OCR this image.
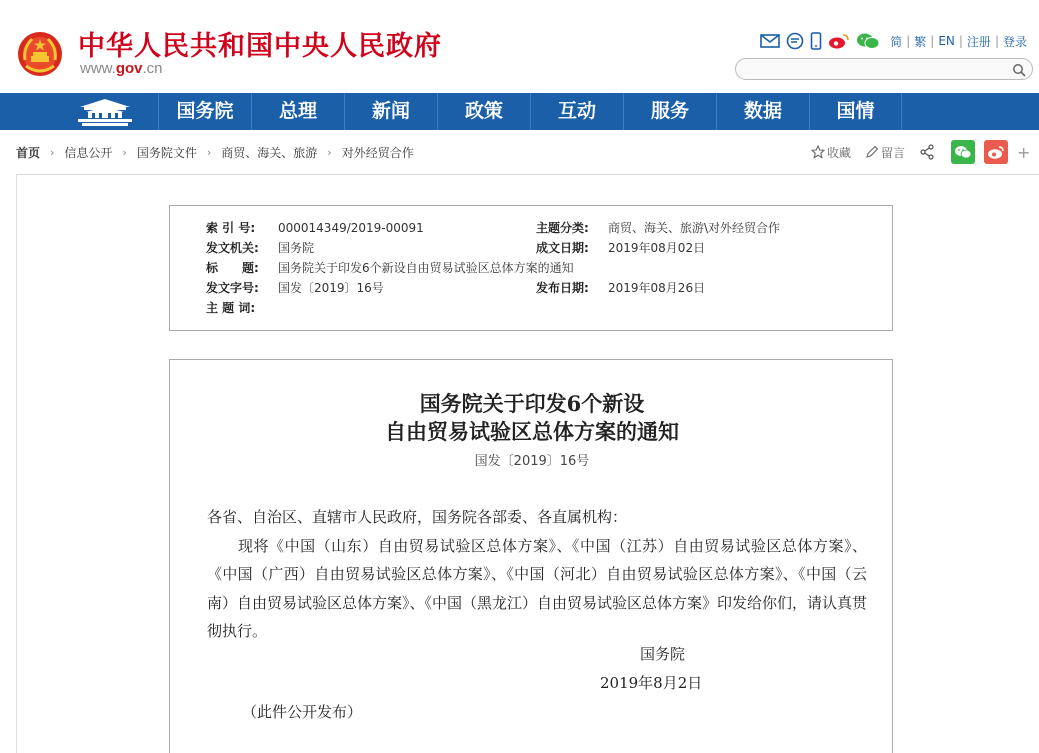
中华人民共和国中央人民政府
www.gov.cn
简 | 繁 | EN | 注册 | 登录
国务院	总理	新闻	政策	互动	服务	数据	国情
首页 › 信息公开 › 国务院文件 › 商贸、海关、旅游 › 对外经贸合作	收藏	留言	+
索 引 号: 000014349/2019-00091	主题分类: 商贸、海关、旅游\对外经贸合作
发文机关: 国务院	成文日期: 2019年08月02日
标　　题: 国务院关于印发6个新设自由贸易试验区总体方案的通知
发文字号: 国发〔2019〕16号	发布日期: 2019年08月26日
主 题 词:
国务院关于印发6个新设
自由贸易试验区总体方案的通知
国发〔2019〕16号

各省、自治区、直辖市人民政府，国务院各部委、各直属机构：

现将《中国（山东）自由贸易试验区总体方案》、《中国（江苏）自由贸易试验区总体方案》、《中国（广西）自由贸易试验区总体方案》、《中国（河北）自由贸易试验区总体方案》、《中国（云南）自由贸易试验区总体方案》、《中国（黑龙江）自由贸易试验区总体方案》印发给你们，请认真贯彻执行。

国务院
2019年8月2日
（此件公开发布）
